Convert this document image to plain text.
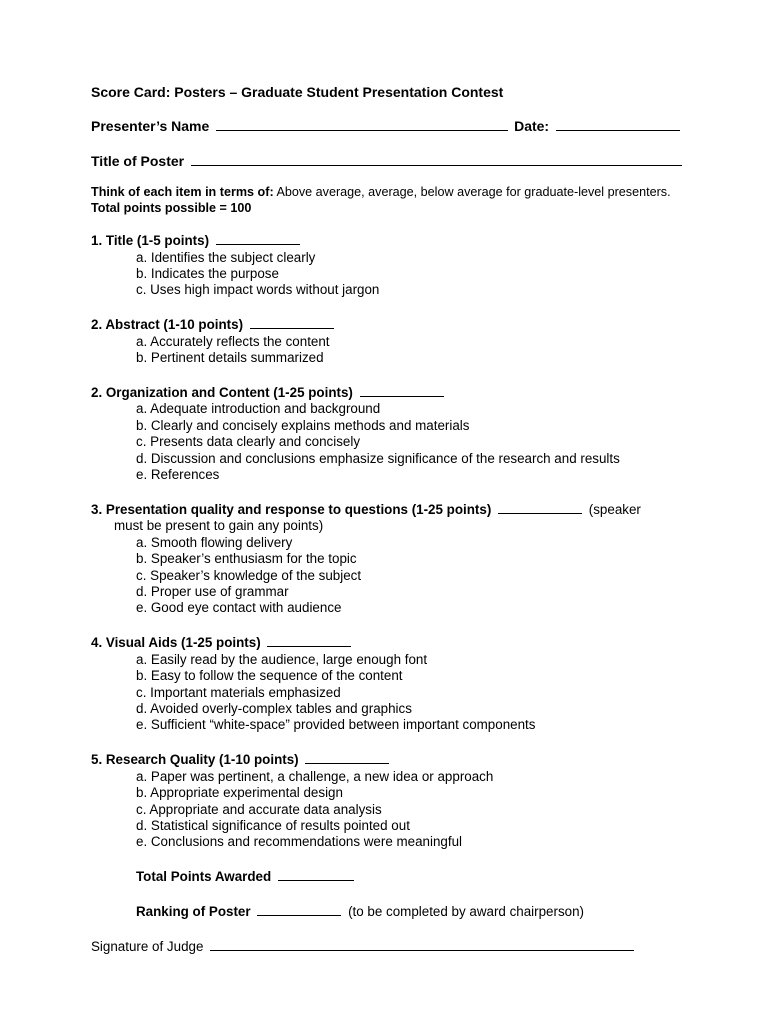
Score Card: Posters – Graduate Student Presentation Contest
Presenter’s Name	Date:
Title of Poster
Think of each item in terms of: Above average, average, below average for graduate-level presenters.
Total points possible = 100
1. Title (1-5 points)
a. Identifies the subject clearly
b. Indicates the purpose
c. Uses high impact words without jargon
2. Abstract (1-10 points)
a. Accurately reflects the content
b. Pertinent details summarized
2. Organization and Content (1-25 points)
a. Adequate introduction and background
b. Clearly and concisely explains methods and materials
c. Presents data clearly and concisely
d. Discussion and conclusions emphasize significance of the research and results
e. References
3. Presentation quality and response to questions (1-25 points)	(speaker
must be present to gain any points)
a. Smooth flowing delivery
b. Speaker’s enthusiasm for the topic
c. Speaker’s knowledge of the subject
d. Proper use of grammar
e. Good eye contact with audience
4. Visual Aids (1-25 points)
a. Easily read by the audience, large enough font
b. Easy to follow the sequence of the content
c. Important materials emphasized
d. Avoided overly-complex tables and graphics
e. Sufficient “white-space” provided between important components
5. Research Quality (1-10 points)
a. Paper was pertinent, a challenge, a new idea or approach
b. Appropriate experimental design
c. Appropriate and accurate data analysis
d. Statistical significance of results pointed out
e. Conclusions and recommendations were meaningful
Total Points Awarded
Ranking of Poster	(to be completed by award chairperson)
Signature of Judge
